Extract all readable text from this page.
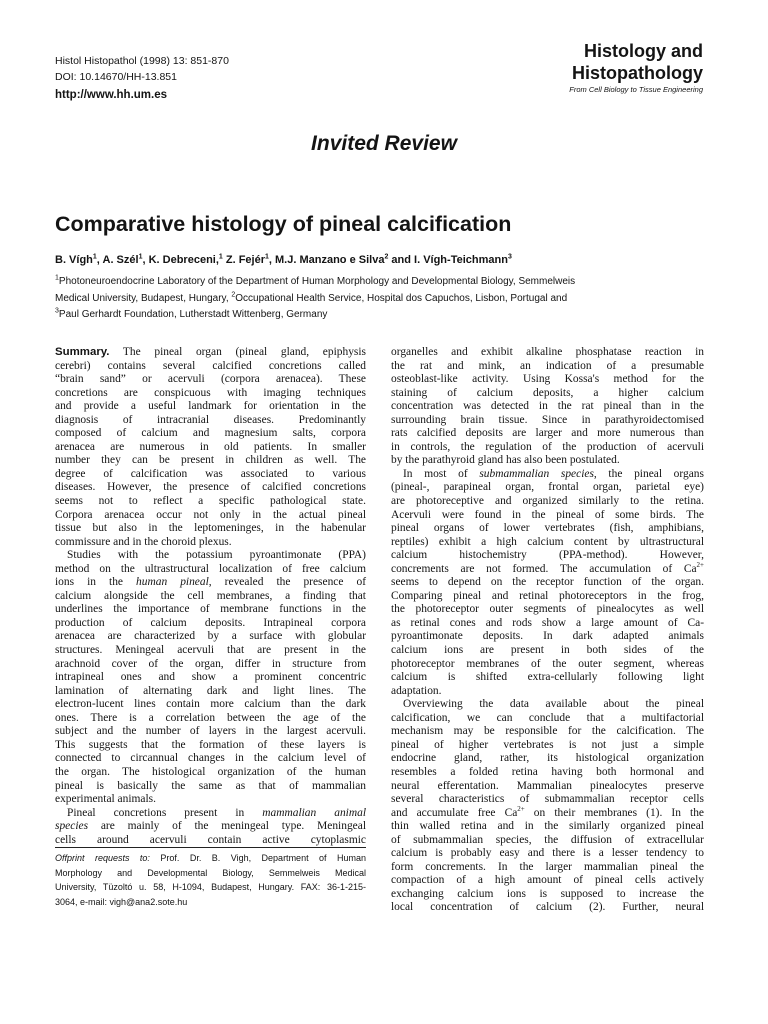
Histol Histopathol (1998) 13: 851-870
DOI: 10.14670/HH-13.851
http://www.hh.um.es
Histology and
Histopathology
From Cell Biology to Tissue Engineering
Invited Review
Comparative histology of pineal calcification
B. Vígh$^1$, A. Szél$^1$, K. Debreceni,$^1$ Z. Fejér$^1$, M.J. Manzano e Silva$^2$ and I. Vígh-Teichmann$^3$
$^1$Photoneuroendocrine Laboratory of the Department of Human Morphology and Developmental Biology, Semmelweis
Medical University, Budapest, Hungary, $^2$Occupational Health Service, Hospital dos Capuchos, Lisbon, Portugal and
$^3$Paul Gerhardt Foundation, Lutherstadt Wittenberg, Germany
Summary. The pineal organ (pineal gland, epiphysis
cerebri) contains several calcified concretions called
“brain sand” or acervuli (corpora arenacea). These
concretions are conspicuous with imaging techniques
and provide a useful landmark for orientation in the
diagnosis of intracranial diseases. Predominantly
composed of calcium and magnesium salts, corpora
arenacea are numerous in old patients. In smaller
number they can be present in children as well. The
degree of calcification was associated to various
diseases. However, the presence of calcified concretions
seems not to reflect a specific pathological state.
Corpora arenacea occur not only in the actual pineal
tissue but also in the leptomeninges, in the habenular
commissure and in the choroid plexus.
Studies with the potassium pyroantimonate (PPA)
method on the ultrastructural localization of free calcium
ions in the human pineal, revealed the presence of
calcium alongside the cell membranes, a finding that
underlines the importance of membrane functions in the
production of calcium deposits. Intrapineal corpora
arenacea are characterized by a surface with globular
structures. Meningeal acervuli that are present in the
arachnoid cover of the organ, differ in structure from
intrapineal ones and show a prominent concentric
lamination of alternating dark and light lines. The
electron-lucent lines contain more calcium than the dark
ones. There is a correlation between the age of the
subject and the number of layers in the largest acervuli.
This suggests that the formation of these layers is
connected to circannual changes in the calcium level of
the organ. The histological organization of the human
pineal is basically the same as that of mammalian
experimental animals.
Pineal concretions present in mammalian animal
species are mainly of the meningeal type. Meningeal
cells around acervuli contain active cytoplasmic
organelles and exhibit alkaline phosphatase reaction in
the rat and mink, an indication of a presumable
osteoblast-like activity. Using Kossa's method for the
staining of calcium deposits, a higher calcium
concentration was detected in the rat pineal than in the
surrounding brain tissue. Since in parathyroidectomised
rats calcified deposits are larger and more numerous than
in controls, the regulation of the production of acervuli
by the parathyroid gland has also been postulated.
In most of submammalian species, the pineal organs
(pineal-, parapineal organ, frontal organ, parietal eye)
are photoreceptive and organized similarly to the retina.
Acervuli were found in the pineal of some birds. The
pineal organs of lower vertebrates (fish, amphibians,
reptiles) exhibit a high calcium content by ultrastructural
calcium histochemistry (PPA-method). However,
concrements are not formed. The accumulation of $Ca^{2+}$
seems to depend on the receptor function of the organ.
Comparing pineal and retinal photoreceptors in the frog,
the photoreceptor outer segments of pinealocytes as well
as retinal cones and rods show a large amount of Ca-
pyroantimonate deposits. In dark adapted animals
calcium ions are present in both sides of the
photoreceptor membranes of the outer segment, whereas
calcium is shifted extra-cellularly following light
adaptation.
Overviewing the data available about the pineal
calcification, we can conclude that a multifactorial
mechanism may be responsible for the calcification. The
pineal of higher vertebrates is not just a simple
endocrine gland, rather, its histological organization
resembles a folded retina having both hormonal and
neural efferentation. Mammalian pinealocytes preserve
several characteristics of submammalian receptor cells
and accumulate free $Ca^{2+}$ on their membranes (1). In the
thin walled retina and in the similarly organized pineal
of submammalian species, the diffusion of extracellular
calcium is probably easy and there is a lesser tendency to
form concrements. In the larger mammalian pineal the
compaction of a high amount of pineal cells actively
exchanging calcium ions is supposed to increase the
local concentration of calcium (2). Further, neural
Offprint requests to: Prof. Dr. B. Vigh, Department of Human
Morphology and Developmental Biology, Semmelweis Medical
University, Tüzoltó u. 58, H-1094, Budapest, Hungary. FAX: 36-1-215-
3064, e-mail: vigh@ana2.sote.hu
